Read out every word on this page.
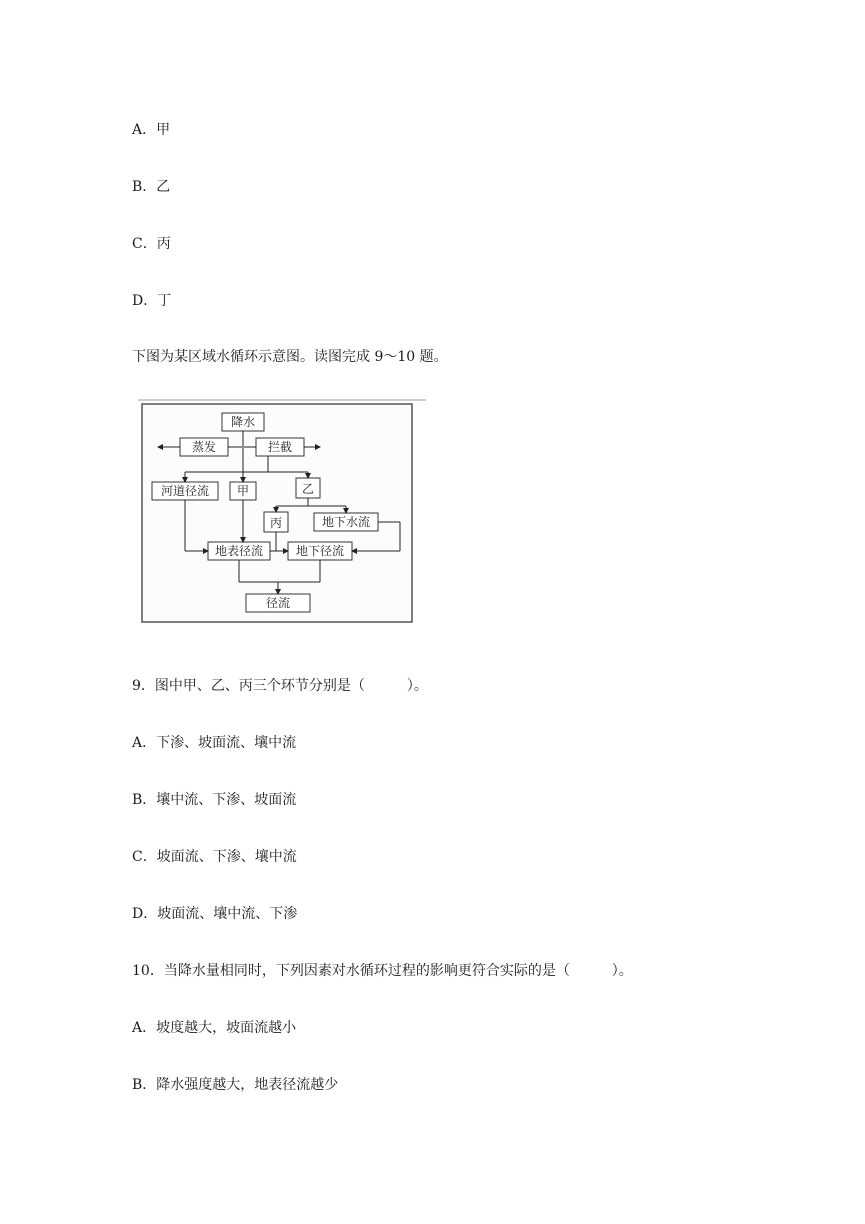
A．甲
B．乙
C．丙
D．丁
下图为某区域水循环示意图。读图完成 9～10 题。
降水
蒸发	拦截
河道径流 甲	乙
丙	地下水流
地表径流	地下径流
径流
9．图中甲、乙、丙三个环节分别是（　　　）。
A．下渗、坡面流、壤中流
B．壤中流、下渗、坡面流
C．坡面流、下渗、壤中流
D．坡面流、壤中流、下渗
10．当降水量相同时，下列因素对水循环过程的影响更符合实际的是（　　　）。
A．坡度越大，坡面流越小
B．降水强度越大，地表径流越少
